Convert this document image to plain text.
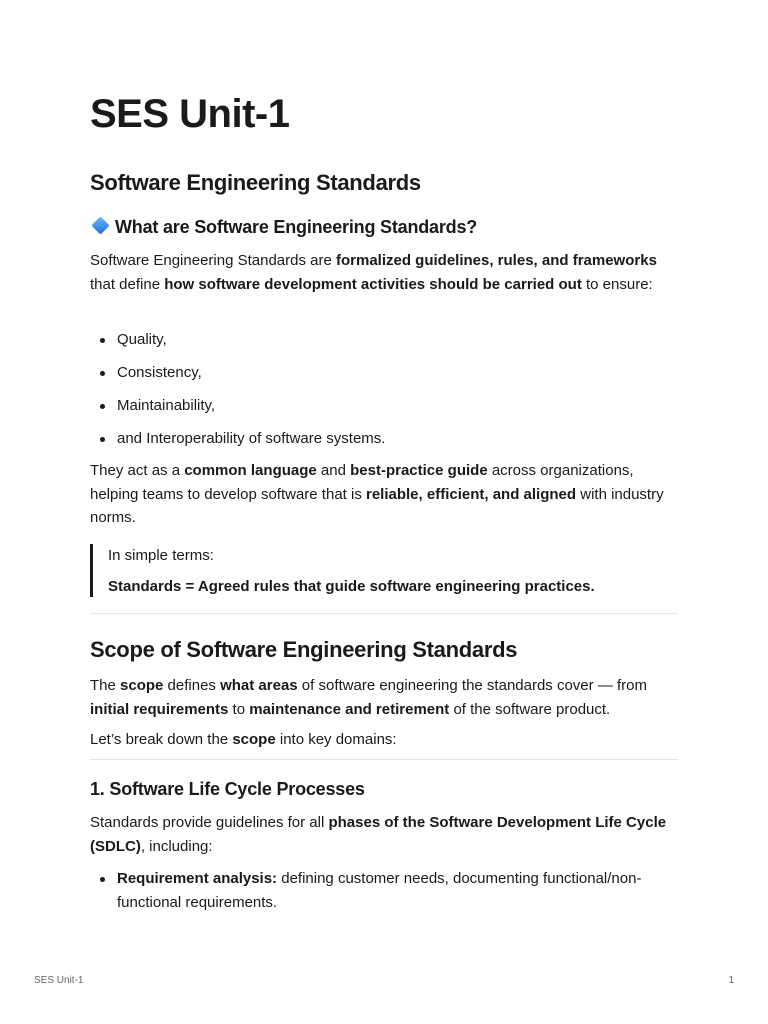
SES Unit-1
Software Engineering Standards
What are Software Engineering Standards?

Software Engineering Standards are formalized guidelines, rules, and frameworks that define how software development activities should be carried out to ensure:

Quality,
Consistency,
Maintainability,
and Interoperability of software systems.

They act as a common language and best-practice guide across organizations, helping teams to develop software that is reliable, efficient, and aligned with industry norms.

In simple terms:

Standards = Agreed rules that guide software engineering practices.

Scope of Software Engineering Standards

The scope defines what areas of software engineering the standards cover — from initial requirements to maintenance and retirement of the software product.

Let’s break down the scope into key domains:

1. Software Life Cycle Processes

Standards provide guidelines for all phases of the Software Development Life Cycle (SDLC), including:

Requirement analysis: defining customer needs, documenting functional/non-functional requirements.
SES Unit-1	1
